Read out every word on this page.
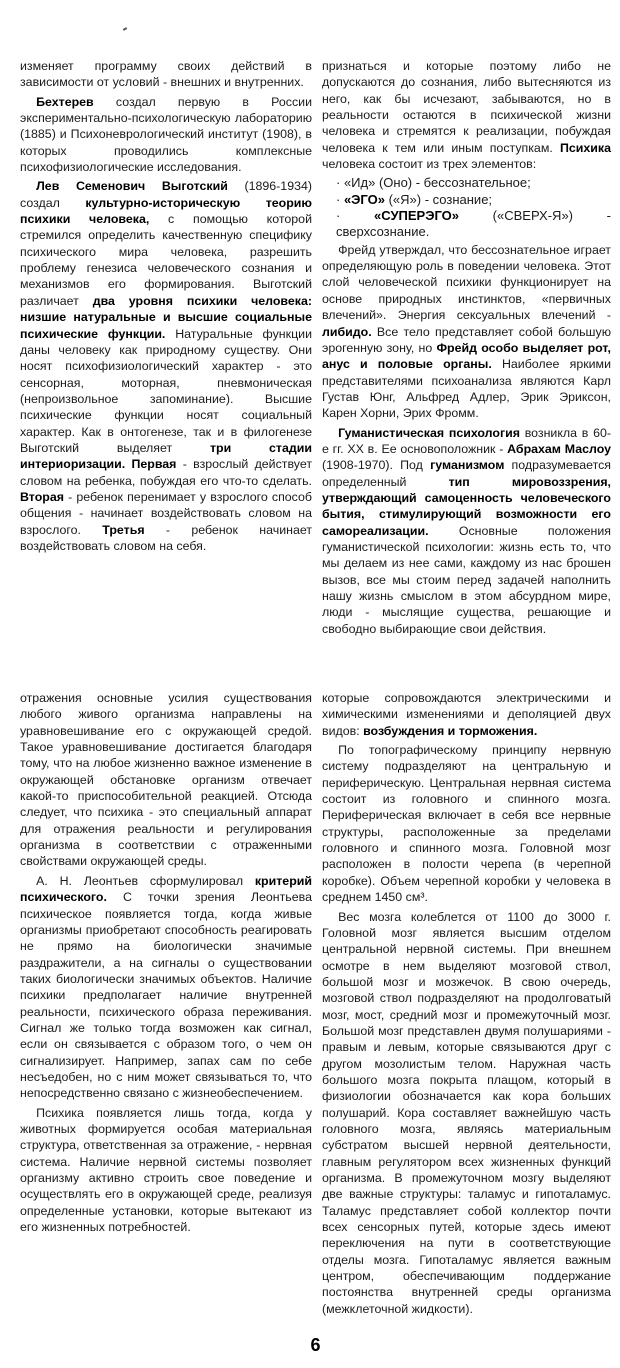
изменяет программу своих действий в зависимости от условий - внешних и внутренних.

Бехтерев создал первую в России экспериментально-психологическую лабораторию (1885) и Психоневрологический институт (1908), в которых проводились комплексные психофизиологические исследования.

Лев Семенович Выготский (1896-1934) создал культурно-историческую теорию психики человека, с помощью которой стремился определить качественную специфику психического мира человека, разрешить проблему генезиса человеческого сознания и механизмов его формирования. Выготский различает два уровня психики человека: низшие натуральные и высшие социальные психические функции. Натуральные функции даны человеку как природному существу. Они носят психофизиологический характер - это сенсорная, моторная, пневмоническая (непроизвольное запоминание). Высшие психические функции носят социальный характер. Как в онтогенезе, так и в филогенезе Выготский выделяет три стадии интериоризации. Первая - взрослый действует словом на ребенка, побуждая его что-то сделать. Вторая - ребенок перенимает у взрослого способ общения - начинает воздействовать словом на взрослого. Третья - ребенок начинает воздействовать словом на себя.

признаться и которые поэтому либо не допускаются до сознания, либо вытесняются из него, как бы исчезают, забываются, но в реальности остаются в психической жизни человека и стремятся к реализации, побуждая человека к тем или иным поступкам. Психика человека состоит из трех элементов:

· «Ид» (Оно) - бессознательное;
· «ЭГО» («Я») - сознание;
· «СУПЕРЭГО» («СВЕРХ-Я») - сверхсознание.

Фрейд утверждал, что бессознательное играет определяющую роль в поведении человека. Этот слой человеческой психики функционирует на основе природных инстинктов, «первичных влечений». Энергия сексуальных влечений - либидо. Все тело представляет собой большую эрогенную зону, но Фрейд особо выделяет рот, анус и половые органы. Наиболее яркими представителями психоанализа являются Карл Густав Юнг, Альфред Адлер, Эрик Эриксон, Карен Хорни, Эрих Фромм.

Гуманистическая психология возникла в 60-е гг. XX в. Ее основоположник - Абрахам Маслоу (1908-1970). Под гуманизмом подразумевается определенный тип мировоззрения, утверждающий самоценность человеческого бытия, стимулирующий возможности его самореализации. Основные положения гуманистической психологии: жизнь есть то, что мы делаем из нее сами, каждому из нас брошен вызов, все мы стоим перед задачей наполнить нашу жизнь смыслом в этом абсурдном мире, люди - мыслящие существа, решающие и свободно выбирающие свои действия.

отражения основные усилия существования любого живого организма направлены на уравновешивание его с окружающей средой. Такое уравновешивание достигается благодаря тому, что на любое жизненно важное изменение в окружающей обстановке организм отвечает какой-то приспособительной реакцией. Отсюда следует, что психика - это специальный аппарат для отражения реальности и регулирования организма в соответствии с отраженными свойствами окружающей среды.

А. Н. Леонтьев сформулировал критерий психического. С точки зрения Леонтьева психическое появляется тогда, когда живые организмы приобретают способность реагировать не прямо на биологически значимые раздражители, а на сигналы о существовании таких биологически значимых объектов. Наличие психики предполагает наличие внутренней реальности, психического образа переживания. Сигнал же только тогда возможен как сигнал, если он связывается с образом того, о чем он сигнализирует. Например, запах сам по себе несъедобен, но с ним может связываться то, что непосредственно связано с жизнеобеспечением.

Психика появляется лишь тогда, когда у животных формируется особая материальная структура, ответственная за отражение, - нервная система. Наличие нервной системы позволяет организму активно строить свое поведение и осуществлять его в окружающей среде, реализуя определенные установки, которые вытекают из его жизненных потребностей.

которые сопровождаются электрическими и химическими изменениями и деполяцией двух видов: возбуждения и торможения.

По топографическому принципу нервную систему подразделяют на центральную и периферическую. Центральная нервная система состоит из головного и спинного мозга. Периферическая включает в себя все нервные структуры, расположенные за пределами головного и спинного мозга. Головной мозг расположен в полости черепа (в черепной коробке). Объем черепной коробки у человека в среднем 1450 см³.

Вес мозга колеблется от 1100 до 3000 г. Головной мозг является высшим отделом центральной нервной системы. При внешнем осмотре в нем выделяют мозговой ствол, большой мозг и мозжечок. В свою очередь, мозговой ствол подразделяют на продолговатый мозг, мост, средний мозг и промежуточный мозг. Большой мозг представлен двумя полушариями - правым и левым, которые связываются друг с другом мозолистым телом. Наружная часть большого мозга покрыта плащом, который в физиологии обозначается как кора больших полушарий. Кора составляет важнейшую часть головного мозга, являясь материальным субстратом высшей нервной деятельности, главным регулятором всех жизненных функций организма. В промежуточном мозгу выделяют две важные структуры: таламус и гипоталамус. Таламус представляет собой коллектор почти всех сенсорных путей, которые здесь имеют переключения на пути в соответствующие отделы мозга. Гипоталамус является важным центром, обеспечивающим поддержание постоянства внутренней среды организма (межклеточной жидкости).

6
